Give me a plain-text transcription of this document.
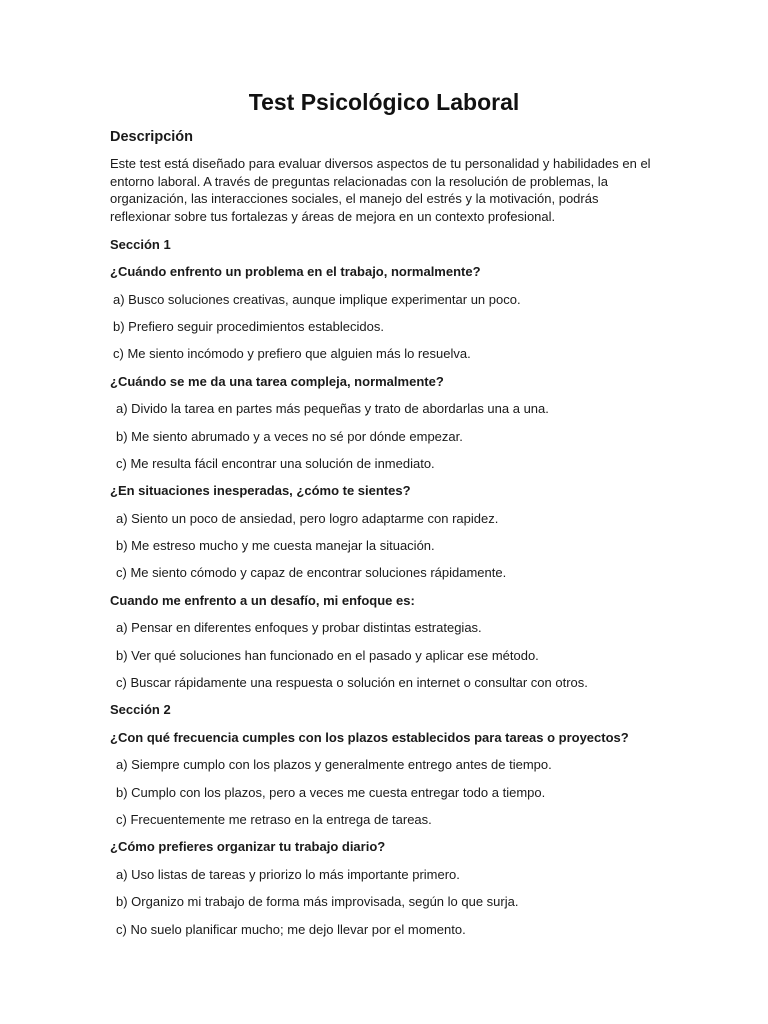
Test Psicológico Laboral
Descripción

Este test está diseñado para evaluar diversos aspectos de tu personalidad y habilidades en el entorno laboral. A través de preguntas relacionadas con la resolución de problemas, la organización, las interacciones sociales, el manejo del estrés y la motivación, podrás reflexionar sobre tus fortalezas y áreas de mejora en un contexto profesional.

Sección 1
¿Cuándo enfrento un problema en el trabajo, normalmente?
a) Busco soluciones creativas, aunque implique experimentar un poco.
b) Prefiero seguir procedimientos establecidos.
c) Me siento incómodo y prefiero que alguien más lo resuelva.
¿Cuándo se me da una tarea compleja, normalmente?
a) Divido la tarea en partes más pequeñas y trato de abordarlas una a una.
b) Me siento abrumado y a veces no sé por dónde empezar.
c) Me resulta fácil encontrar una solución de inmediato.
¿En situaciones inesperadas, ¿cómo te sientes?
a) Siento un poco de ansiedad, pero logro adaptarme con rapidez.
b) Me estreso mucho y me cuesta manejar la situación.
c) Me siento cómodo y capaz de encontrar soluciones rápidamente.
Cuando me enfrento a un desafío, mi enfoque es:
a) Pensar en diferentes enfoques y probar distintas estrategias.
b) Ver qué soluciones han funcionado en el pasado y aplicar ese método.
c) Buscar rápidamente una respuesta o solución en internet o consultar con otros.
Sección 2
¿Con qué frecuencia cumples con los plazos establecidos para tareas o proyectos?
a) Siempre cumplo con los plazos y generalmente entrego antes de tiempo.
b) Cumplo con los plazos, pero a veces me cuesta entregar todo a tiempo.
c) Frecuentemente me retraso en la entrega de tareas.
¿Cómo prefieres organizar tu trabajo diario?
a) Uso listas de tareas y priorizo lo más importante primero.
b) Organizo mi trabajo de forma más improvisada, según lo que surja.
c) No suelo planificar mucho; me dejo llevar por el momento.
